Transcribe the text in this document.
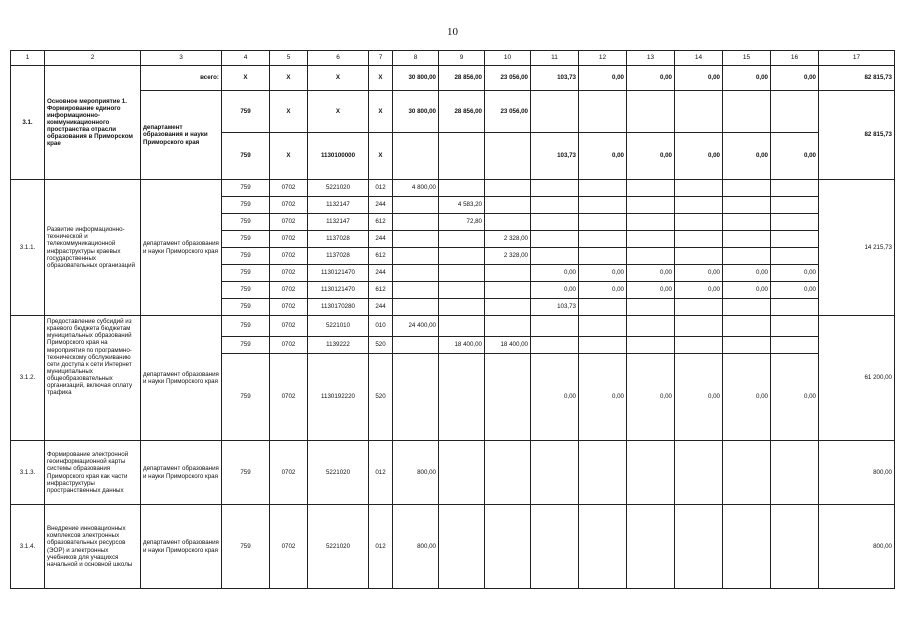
10
1	2	3	4	5	6	7	8	9	10	11	12	13	14	15	16	17
3.1.	Основное мероприятие 1. Формирование единого информационно-коммуникационного пространства отрасли образования в Приморском крае	всего:	X	X	X	X	30 800,00	28 856,00	23 056,00	103,73	0,00	0,00	0,00	0,00	0,00	82 815,73
		департамент образования и науки Приморского края	759	X	X	X	30 800,00	28 856,00	23 056,00							82 815,73
			759	X	1130100000	X				103,73	0,00	0,00	0,00	0,00	0,00	
3.1.1.	Развитие информационно-технической и телекоммуникационной инфраструктуры краевых государственных образовательных организаций	департамент образования и науки Приморского края	759	0702	5221020	012	4 800,00									14 215,73
			759	0702	1132147	244		4 583,20								
			759	0702	1132147	612		72,80								
			759	0702	1137028	244			2 328,00							
			759	0702	1137028	612			2 328,00							
			759	0702	1130121470	244				0,00	0,00	0,00	0,00	0,00	0,00	
			759	0702	1130121470	612				0,00	0,00	0,00	0,00	0,00	0,00	
			759	0702	1130170280	244				103,73						
3.1.2.	Предоставление субсидий из краевого бюджета бюджетам муниципальных образований Приморского края на мероприятия по программно-техническому обслуживанию сети доступа к сети Интернет муниципальных общеобразовательных организаций, включая оплату трафика	департамент образования и науки Приморского края	759	0702	5221010	010	24 400,00									61 200,00
			759	0702	1139222	520		18 400,00	18 400,00							
			759	0702	1130192220	520				0,00	0,00	0,00	0,00	0,00	0,00	
3.1.3.	Формирование электронной геоинформационной карты системы образования Приморского края как части инфраструктуры пространственных данных	департамент образования и науки Приморского края	759	0702	5221020	012	800,00									800,00
3.1.4.	Внедрение инновационных комплексов электронных образовательных ресурсов (ЭОР) и электронных учебников для учащихся начальной и основной школы	департамент образования и науки Приморского края	759	0702	5221020	012	800,00									800,00
